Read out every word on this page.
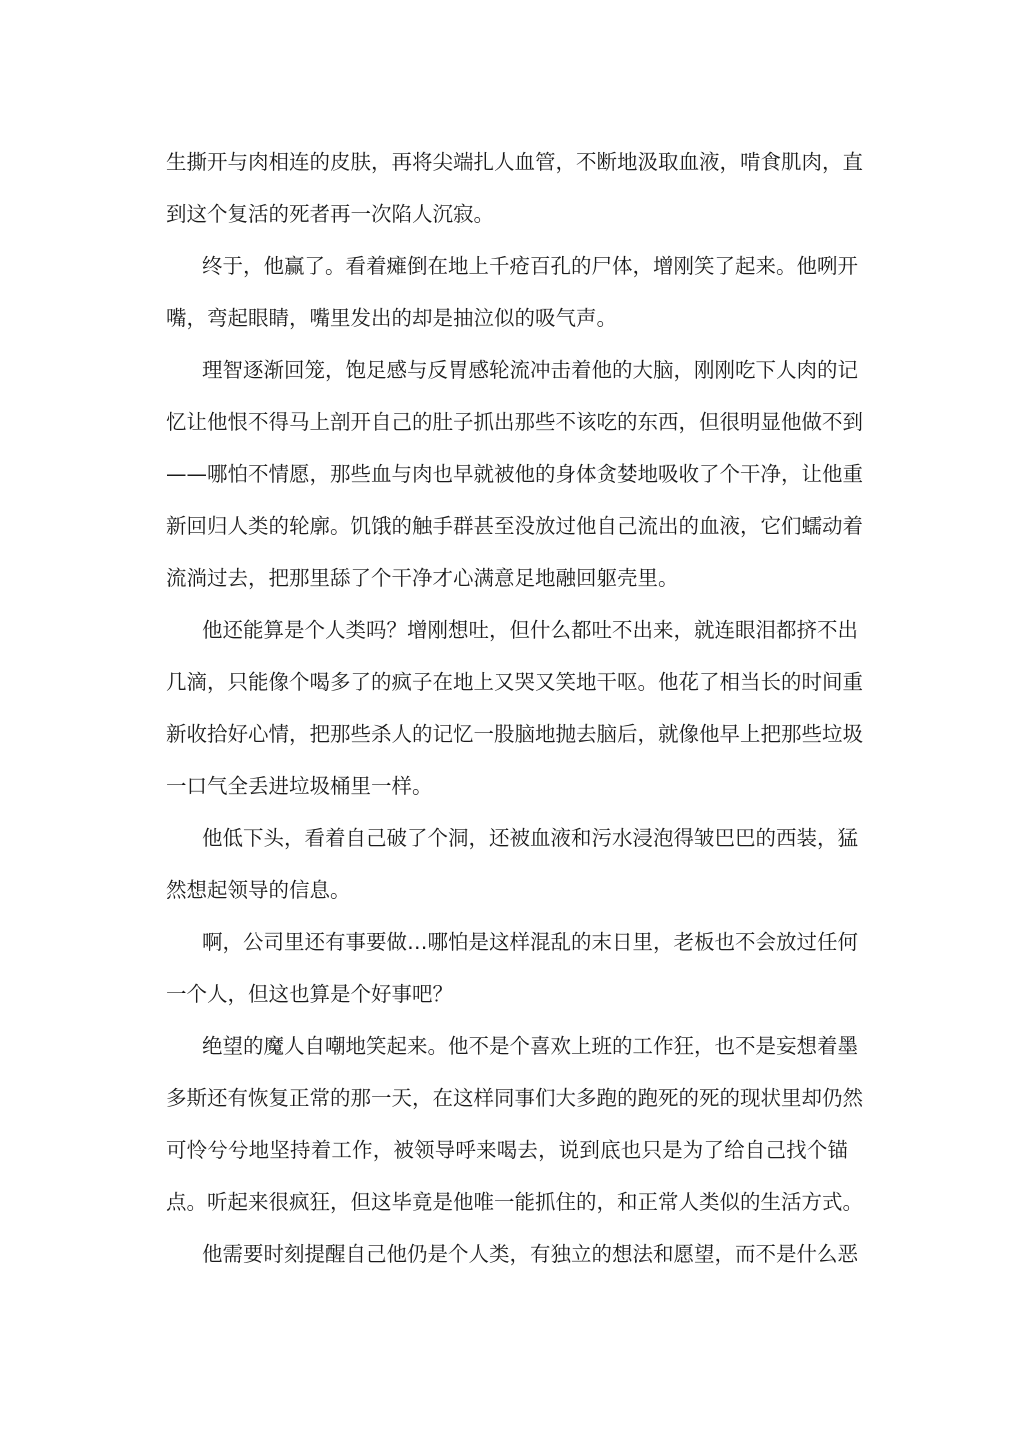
生撕开与肉相连的皮肤，再将尖端扎人血管，不断地汲取血液，啃食肌肉，直
到这个复活的死者再一次陷人沉寂。
终于，他赢了。看着瘫倒在地上千疮百孔的尸体，增刚笑了起来。他咧开
嘴，弯起眼睛，嘴里发出的却是抽泣似的吸气声。
理智逐渐回笼，饱足感与反胃感轮流冲击着他的大脑，刚刚吃下人肉的记
忆让他恨不得马上剖开自己的肚子抓出那些不该吃的东西，但很明显他做不到
——哪怕不情愿，那些血与肉也早就被他的身体贪婪地吸收了个干净，让他重
新回归人类的轮廓。饥饿的触手群甚至没放过他自己流出的血液，它们蠕动着
流淌过去，把那里舔了个干净才心满意足地融回躯壳里。
他还能算是个人类吗？增刚想吐，但什么都吐不出来，就连眼泪都挤不出
几滴，只能像个喝多了的疯子在地上又哭又笑地干呕。他花了相当长的时间重
新收拾好心情，把那些杀人的记忆一股脑地抛去脑后，就像他早上把那些垃圾
一口气全丢进垃圾桶里一样。
他低下头，看着自己破了个洞，还被血液和污水浸泡得皱巴巴的西装，猛
然想起领导的信息。
啊，公司里还有事要做…哪怕是这样混乱的末日里，老板也不会放过任何
一个人，但这也算是个好事吧？
绝望的魔人自嘲地笑起来。他不是个喜欢上班的工作狂，也不是妄想着墨
多斯还有恢复正常的那一天，在这样同事们大多跑的跑死的死的现状里却仍然
可怜兮兮地坚持着工作，被领导呼来喝去，说到底也只是为了给自己找个锚
点。听起来很疯狂，但这毕竟是他唯一能抓住的，和正常人类似的生活方式。
他需要时刻提醒自己他仍是个人类，有独立的想法和愿望，而不是什么恶
